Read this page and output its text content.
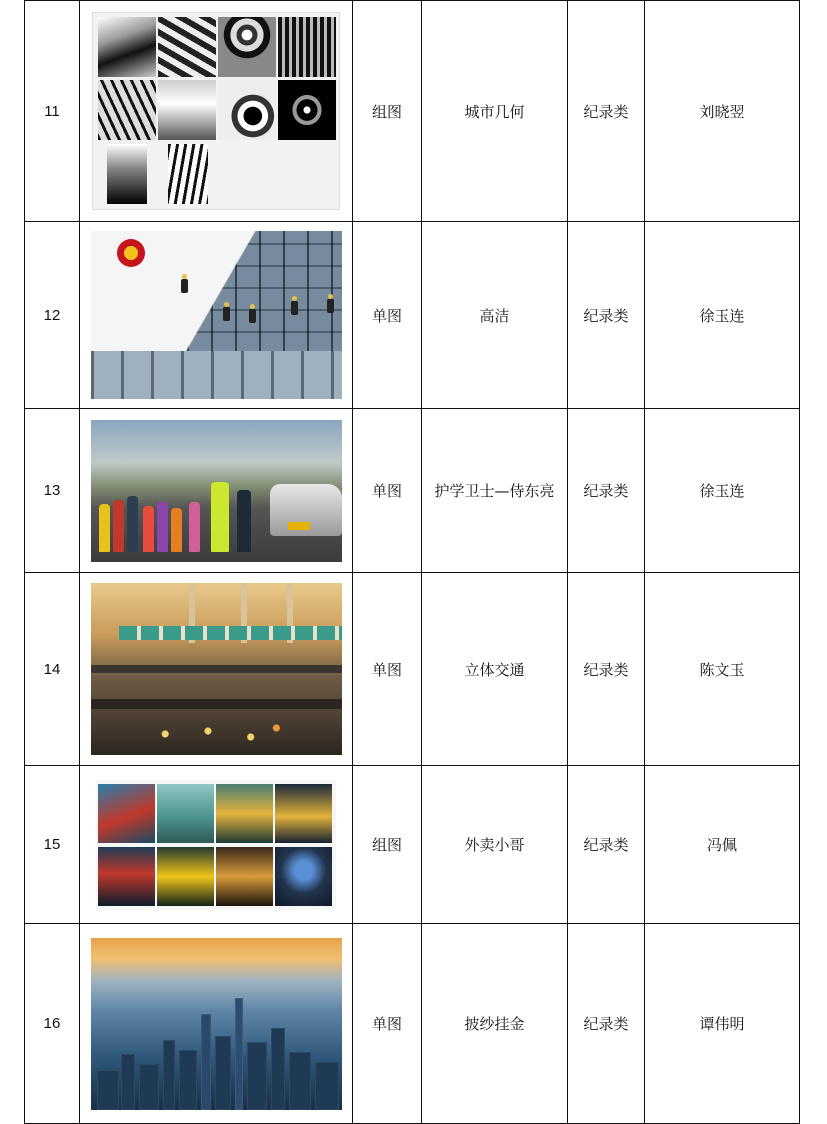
11		组图	城市几何	纪录类	刘晓翌
12		单图	高洁	纪录类	徐玉连
13		单图	护学卫士—侍东亮	纪录类	徐玉连
14		单图	立体交通	纪录类	陈文玉
15		组图	外卖小哥	纪录类	冯佩
16		单图	披纱挂金	纪录类	谭伟明
